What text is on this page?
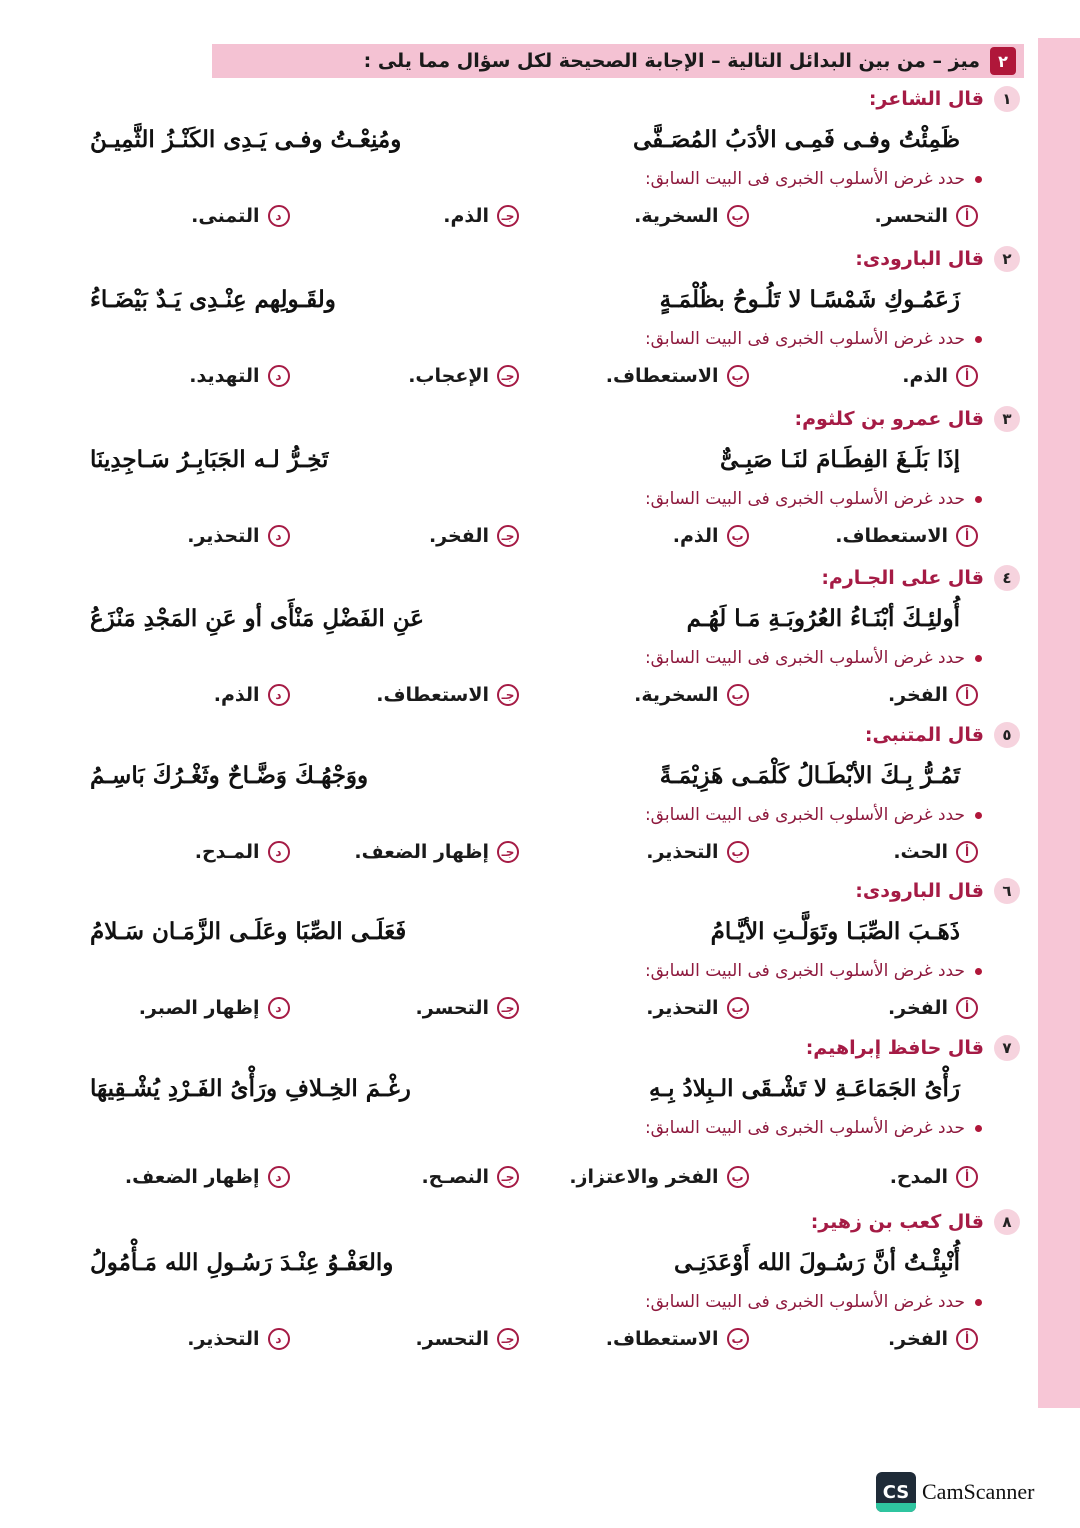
٢
ميز – من بين البدائل التالية – الإجابة الصحيحة لكل سؤال مما يلى :
١
قال الشاعر:
ظَمِئْتُ وفـى فَمِـى الأدَبُ المُصَـفَّى
ومُنِعْـتُ وفـى يَـدِى الكَنْـزُ الثَّمِيـنُ
حدد غرض الأسلوب الخبرى فى البيت السابق:
أ
التحسر.
ب
السخرية.
جـ
الذم.
د
التمنى.
٢
قال البارودى:
زَعَمُـوكِ شَمْسًـا لا تَلُـوحُ بظُلْمَـةٍ
ولقَـولِهم عِنْـدِى يَـدٌ بَيْضَـاءُ
حدد غرض الأسلوب الخبرى فى البيت السابق:
أ
الذم.
ب
الاستعطاف.
جـ
الإعجاب.
د
التهديد.
٣
قال عمرو بن كلثوم:
إذَا بَلَـغَ الفِطَـامَ لنَـا صَبِـىٌّ
تَخِـرُّ لـه الجَبَابِـرُ سَـاجِدِينَا
حدد غرض الأسلوب الخبرى فى البيت السابق:
أ
الاستعطاف.
ب
الذم.
جـ
الفخر.
د
التحذير.
٤
قال على الجـارم:
أُولئِـكَ أبْنَـاءُ العُرُوبَـةِ مَـا لَهُـم
عَنِ الفَضْلِ مَنْأَى أو عَنِ المَجْدِ مَنْزَعُ
حدد غرض الأسلوب الخبرى فى البيت السابق:
أ
الفخر.
ب
السخرية.
جـ
الاستعطاف.
د
الذم.
٥
قال المتنبى:
تَمُـرُّ بِـكَ الأبْطَـالُ كَلْمَـى هَزِيْمَـةً
ووَجْهُـكَ وَضَّـاحٌ وثَغْـرُكَ بَاسِـمُ
حدد غرض الأسلوب الخبرى فى البيت السابق:
أ
الحث.
ب
التحذير.
جـ
إظهار الضعف.
د
المـدح.
٦
قال البارودى:
ذَهَـبَ الصِّبَـا وتَوَلَّـتِ الأيَّـامُ
فَعَلَـى الصِّبَا وعَلَـى الزَّمَـان سَـلامُ
حدد غرض الأسلوب الخبرى فى البيت السابق:
أ
الفخر.
ب
التحذير.
جـ
التحسر.
د
إظهار الصبر.
٧
قال حافظ إبراهيم:
رَأْىُ الجَمَاعَـةِ لا تَشْـقَى الـبِلادُ بِـهِ
رغْـمَ الخِـلافِ ورَأْىُ الفَـرْدِ يُشْـقِيهَا
حدد غرض الأسلوب الخبرى فى البيت السابق:
أ
المدح.
ب
الفخر والاعتزاز.
جـ
النصـح.
د
إظهار الضعف.
٨
قال كعب بن زهير:
أُنْبِئْـتُ أنَّ رَسُـولَ الله أَوْعَدَنِـى
والعَفْـوُ عِنْـدَ رَسُـولِ الله مَـأْمُولُ
حدد غرض الأسلوب الخبرى فى البيت السابق:
أ
الفخر.
ب
الاستعطاف.
جـ
التحسر.
د
التحذير.
CS CamScanner
